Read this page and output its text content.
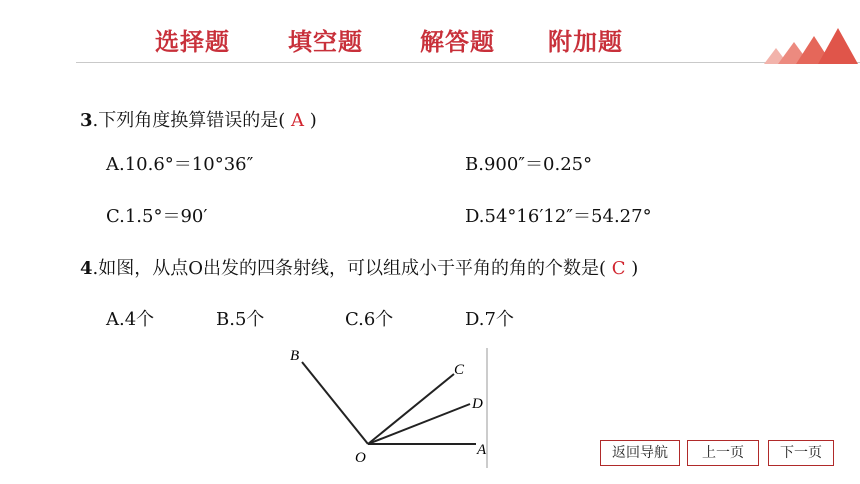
选择题 填空题 解答题 附加题
3.下列角度换算错误的是( A )
A.10.6°＝10°36″	B.900″＝0.25°
C.1.5°＝90′	D.54°16′12″＝54.27°
4.如图，从点O出发的四条射线，可以组成小于平角的角的个数是( C )
A.4个	B.5个	C.6个	D.7个
B
C
D
A
O	返回导航	上一页	下一页
